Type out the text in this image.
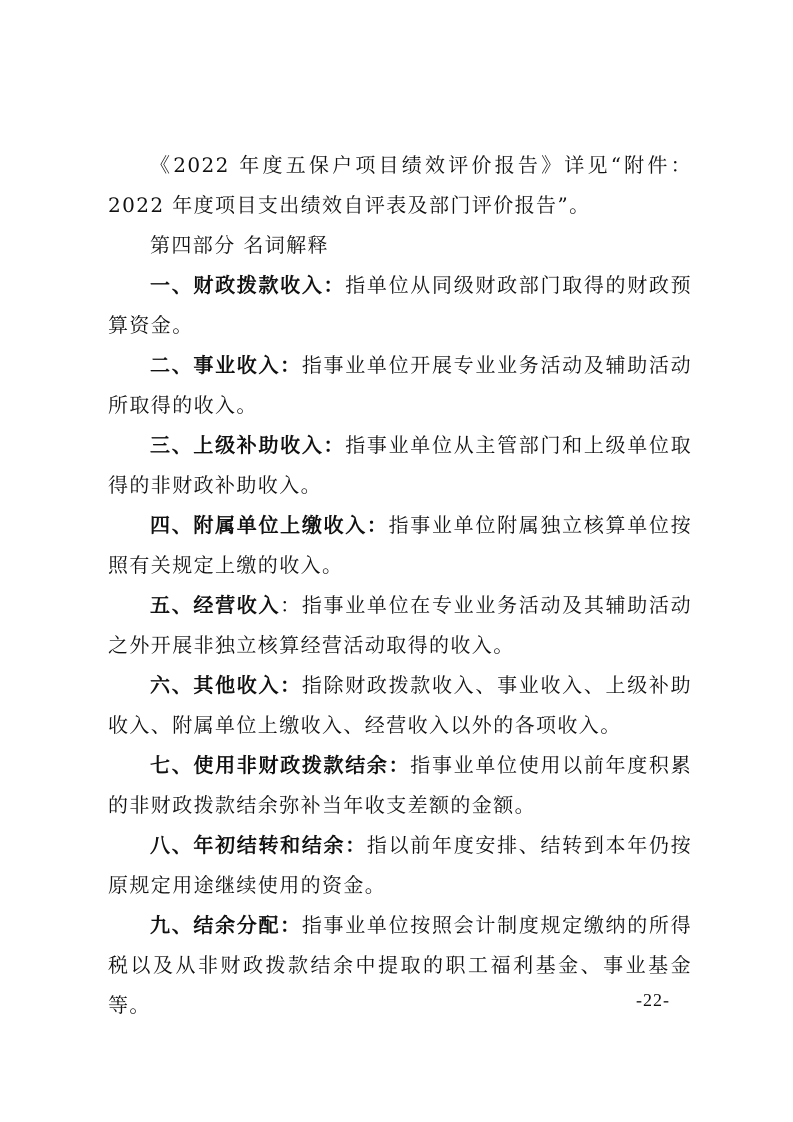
《2022 年度五保户项目绩效评价报告》详见“附件：2022 年度项目支出绩效自评表及部门评价报告”。

第四部分 名词解释

一、财政拨款收入：指单位从同级财政部门取得的财政预算资金。

二、事业收入：指事业单位开展专业业务活动及辅助活动所取得的收入。

三、上级补助收入：指事业单位从主管部门和上级单位取得的非财政补助收入。

四、附属单位上缴收入：指事业单位附属独立核算单位按照有关规定上缴的收入。

五、经营收入：指事业单位在专业业务活动及其辅助活动之外开展非独立核算经营活动取得的收入。

六、其他收入：指除财政拨款收入、事业收入、上级补助收入、附属单位上缴收入、经营收入以外的各项收入。

七、使用非财政拨款结余：指事业单位使用以前年度积累的非财政拨款结余弥补当年收支差额的金额。

八、年初结转和结余：指以前年度安排、结转到本年仍按原规定用途继续使用的资金。

九、结余分配：指事业单位按照会计制度规定缴纳的所得税以及从非财政拨款结余中提取的职工福利基金、事业基金等。	-22-
